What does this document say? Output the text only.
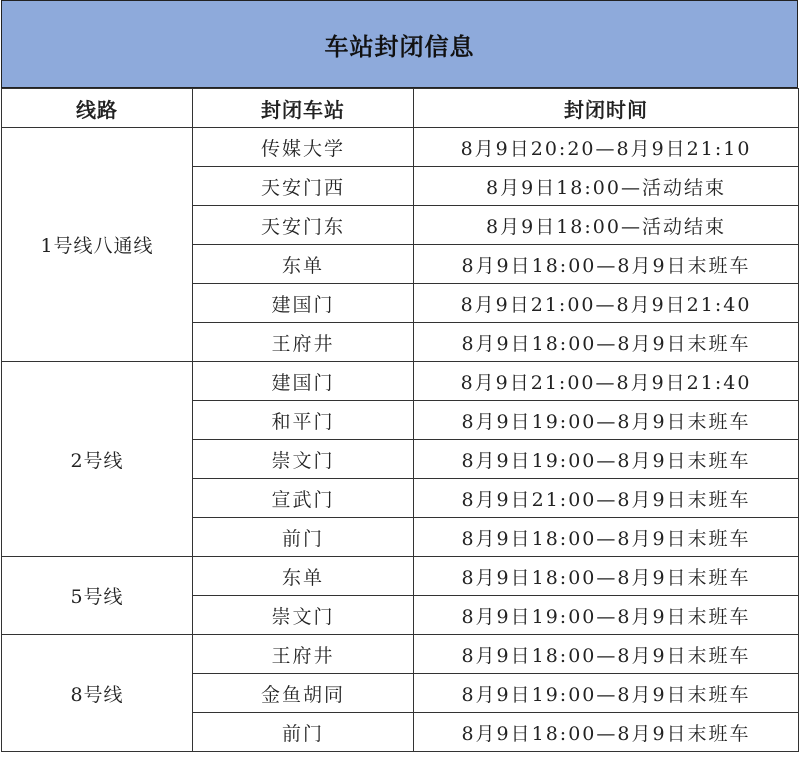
车站封闭信息
线路	封闭车站	封闭时间
1号线八通线	传媒大学	8月9日20:20—8月9日21:10
	天安门西	8月9日18:00—活动结束
	天安门东	8月9日18:00—活动结束
	东单	8月9日18:00—8月9日末班车
	建国门	8月9日21:00—8月9日21:40
	王府井	8月9日18:00—8月9日末班车
2号线	建国门	8月9日21:00—8月9日21:40
	和平门	8月9日19:00—8月9日末班车
	崇文门	8月9日19:00—8月9日末班车
	宣武门	8月9日21:00—8月9日末班车
	前门	8月9日18:00—8月9日末班车
5号线	东单	8月9日18:00—8月9日末班车
	崇文门	8月9日19:00—8月9日末班车
8号线	王府井	8月9日18:00—8月9日末班车
	金鱼胡同	8月9日19:00—8月9日末班车
	前门	8月9日18:00—8月9日末班车
